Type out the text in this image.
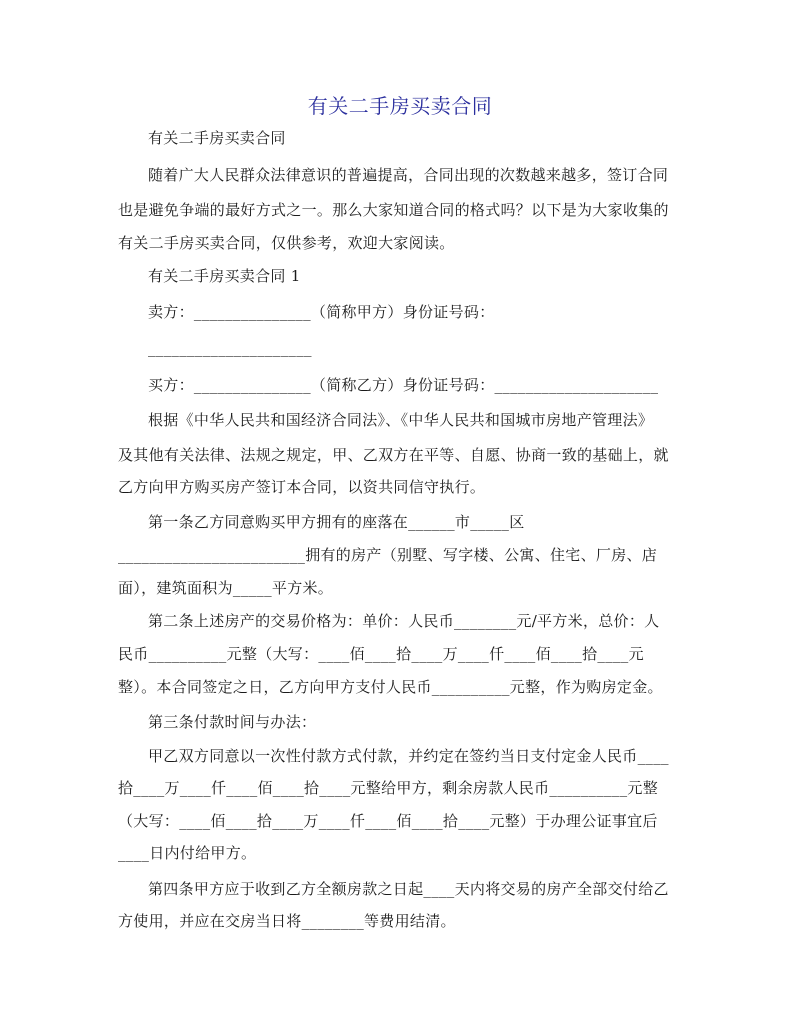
有关二手房买卖合同
有关二手房买卖合同
随着广大人民群众法律意识的普遍提高，合同出现的次数越来越多，签订合同
也是避免争端的最好方式之一。那么大家知道合同的格式吗？以下是为大家收集的
有关二手房买卖合同，仅供参考，欢迎大家阅读。
有关二手房买卖合同 1
卖方：_______________（简称甲方）身份证号码：
_____________________
买方：_______________（简称乙方）身份证号码：_____________________
根据《中华人民共和国经济合同法》、《中华人民共和国城市房地产管理法》
及其他有关法律、法规之规定，甲、乙双方在平等、自愿、协商一致的基础上，就
乙方向甲方购买房产签订本合同，以资共同信守执行。
第一条乙方同意购买甲方拥有的座落在______市_____区
________________________拥有的房产（别墅、写字楼、公寓、住宅、厂房、店
面），建筑面积为_____平方米。
第二条上述房产的交易价格为：单价：人民币________元/平方米，总价：人
民币__________元整（大写：____佰____拾____万____仟____佰____拾____元
整）。本合同签定之日，乙方向甲方支付人民币__________元整，作为购房定金。
第三条付款时间与办法：
甲乙双方同意以一次性付款方式付款，并约定在签约当日支付定金人民币____
拾____万____仟____佰____拾____元整给甲方，剩余房款人民币__________元整
（大写：____佰____拾____万____仟____佰____拾____元整）于办理公证事宜后
____日内付给甲方。
第四条甲方应于收到乙方全额房款之日起____天内将交易的房产全部交付给乙
方使用，并应在交房当日将________等费用结清。
